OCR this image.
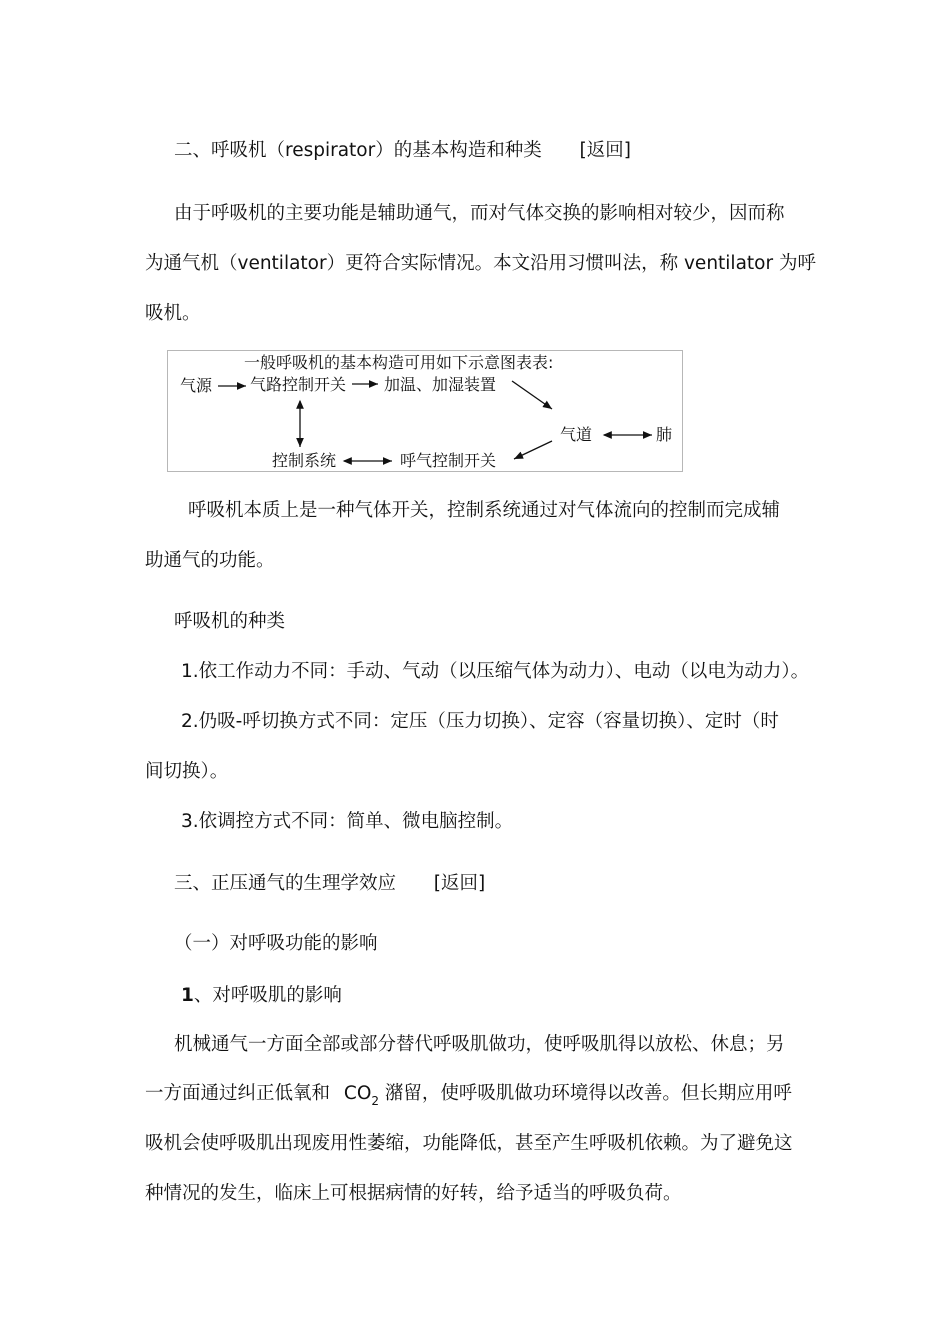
二、呼吸机（respirator）的基本构造和种类 [返回]
由于呼吸机的主要功能是辅助通气，而对气体交换的影响相对较少，因而称
为通气机（ventilator）更符合实际情况。本文沿用习惯叫法，称 ventilator 为呼
吸机。
一般呼吸机的基本构造可用如下示意图表表:
气源 气路控制开关 加温、加湿装置
气道	肺
控制系统	呼气控制开关
呼吸机本质上是一种气体开关，控制系统通过对气体流向的控制而完成辅
助通气的功能。
呼吸机的种类
1.依工作动力不同：手动、气动（以压缩气体为动力）、电动（以电为动力）。
2.仍吸-呼切换方式不同：定压（压力切换）、定容（容量切换）、定时（时
间切换）。
3.依调控方式不同：简单、微电脑控制。
三、正压通气的生理学效应 [返回]
（一）对呼吸功能的影响
1、对呼吸肌的影响
机械通气一方面全部或部分替代呼吸肌做功，使呼吸肌得以放松、休息；另
一方面通过纠正低氧和 $CO_2$ 潴留，使呼吸肌做功环境得以改善。但长期应用呼
吸机会使呼吸肌出现废用性萎缩，功能降低，甚至产生呼吸机依赖。为了避免这
种情况的发生，临床上可根据病情的好转，给予适当的呼吸负荷。
